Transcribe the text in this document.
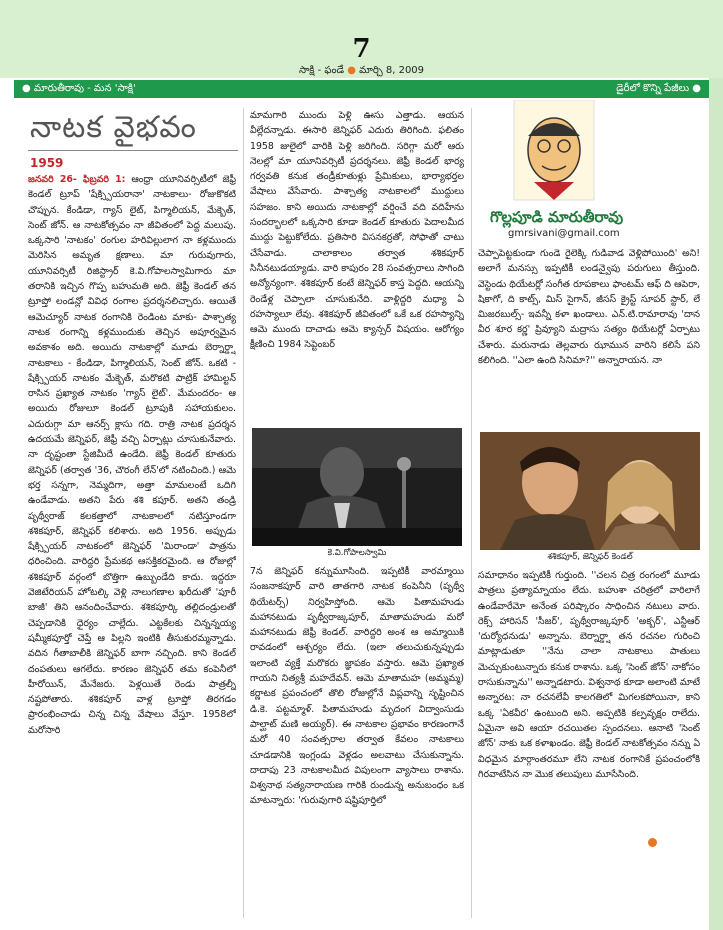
7
సాక్షి - ఫండే ● మార్చి 8, 2009
● మారుతీరావు - మన 'సాక్షి'	డైరీలో కొన్ని పేజీలు ●
నాటక వైభవం
1959

జనవరి 26- ఫిబ్రవరి 1: ఆంధ్రా యూనివర్సిటీలో జెఫ్రీ కెండల్ ట్రూప్ 'షేక్స్పియరానా' నాటకాలు- రోజుకొకటి చొప్పున. కేండిడా, గ్యాస్ లైట్, పిగ్మాలియన్, మేక్బెత్, సెంట్ జోన్. ఆ నాటకోత్సవం నా జీవితంలో పెద్ద మలుపు. ఒక్కసారి 'నాటకం' రంగుల హరివిల్లులాగ నా కళ్లముందు మెరిసిన అమృత క్షణాలు. మా గురువుగారు, యూనివర్సిటీ రిజిస్ట్రార్ కె.వి.గోపాలస్వామిగారు మా తరానికి ఇచ్చిన గొప్ప బహుమతి అది. జెఫ్రీ కెండల్ తన ట్రూప్తో లండన్లో వివిధ రంగాల ప్రదర్శనలిచ్చారు. ఆయితే ఆమెచ్యూర్ నాటక రంగానికి రెండింట మాకు- పాశ్చాత్య నాటక రంగాన్ని కళ్లముందుకు తెచ్చిన అపూర్వమైన అవకాశం అది. అయిదు నాటకాల్లో మూడు బెర్నార్డ్షా నాటకాలు - కేండిడా, పిగ్మాలియన్, సెంట్ జోన్. ఒకటి - షేక్స్పియర్ నాటకం మేక్బెత్, మరొకటి పాట్రిక్ హామిల్టన్ రాసిన ప్రఖ్యాత నాటకం 'గ్యాస్ లైట్'. మేమందరం- ఆ అయిదు రోజులూ కెండల్ ట్రూపుకి సహాయకులం. ఎదురుగ్గా మా ఆనర్స్ క్లాసు గది. రాత్రి నాటక ప్రదర్శన ఉదయమే జెన్నిఫర్, జెఫ్రీ వచ్చి ఏర్పాట్లు చూసుకునేవారు. నా దృష్టంతా స్టేజిమీదే ఉండేది. జెఫ్రీ కెండల్ కూతురు జెన్నిఫర్ (తర్వాత '36, చౌరంగీ లేన్'లో నటించింది.) ఆమె భర్త సన్నగా, నెమ్మదిగా, అత్తా మామలంటే ఒదిగి ఉండేవాడు. అతని పేరు శశి కపూర్. అతని తండ్రి పృథ్వీరాజ్ కలకత్తాలో నాటకాలలో నటిస్తూండగా శశికపూర్, జెన్నిఫర్ కలిశారు. అది 1956. అప్పుడు షేక్స్పియర్ నాటకంలో జెన్నిఫర్ 'మిరాండా' పాత్రను ధరించింది. వారిద్దరి ప్రేమకథ ఆసక్తికరమైంది. ఆ రోజుల్లో శశికపూర్ వర్గంలో బొత్తిగా ఉబ్బుండేది కాదు. ఇద్దరూ వెజిటేరియన్ హోటల్కి వెళ్లి నాలుగణాల ఖరీదుతో 'పూరీ బాజీ' తిని ఆనందించేవారు. శశికపూర్కి తల్లిదండ్రులతో చెప్పడానికి ధైర్యం చాల్లేదు. ఎట్టకేలకు చిన్నన్నయ్య షమ్మీకపూర్తో చెప్తే ఆ పిల్లని ఇంటికి తీసుకురమ్మన్నాడు. వదిన గీతాబాలీకి జెన్నిఫర్ బాగా నచ్చింది. కాని కెండల్ దంపతులు ఆగలేదు. కారణం జెన్నిఫర్ తమ కంపెనీలో హీరోయిన్, మేనేజరు. పెళ్లయితే రెండు పాత్రల్నీ నష్టపోతారు. శశికపూర్ వాళ్ల ట్రూప్తో తిరగడం ప్రారంభించాడు చిన్న చిన్న వేషాలు వేస్తూ. 1958లో మరోసారి

మామగారి ముందు పెళ్లి ఊసు ఎత్తాడు. ఆయన వీల్లేదన్నాడు. ఈసారి జెన్నిఫర్ ఎదురు తిరిగింది. ఫలితం 1958 జులైలో వారికి పెళ్లి జరిగింది. సరిగ్గా మరో ఆరు నెలల్లో మా యూనివర్సిటీ ప్రదర్శనలు. జెఫ్రీ కెండల్ భార్య గర్వవతి కనుక తండ్రీకూతుళ్లు ప్రేమికులు, భార్యాభర్తల వేషాలు వేసేవారు. పాశ్చాత్య నాటకాలలో ముద్దులు సహజం. కాని అయిదు నాటకాల్లో వర్షించే వది వదిహేను సందర్భాలలో ఒక్కసారి కూడా కెండల్ కూతురు పెదాలమీద ముద్దు పెట్టుకోలేదు. ప్రతిసారి విసనకర్రతో, సోఫాతో చాటు చేసేవాడు. చాలాకాలం తర్వాత శశికపూర్ సినీనటుడయ్యాడు. వారి కాపురం 28 సంవత్సరాలు సాగింది అన్యోన్యంగా. శశికపూర్ కంటే జెన్నిఫర్ కాస్త పెద్దది. ఆయన్ని రెండేళ్ల చెప్పాలా చూసుకునేది. వాళ్లిద్దరి మధ్యా ఏ రహస్యాలూ లేవు. శశికపూర్ జీవితంలో ఒకే ఒక రహస్యాన్ని ఆమె ముందు దాచాడు ఆమె క్యాన్సర్ విషయం. ఆరోగ్యం క్షీణించి 1984 సెప్టెంబర్

కె.వి.గోపాలస్వామి

7న జెన్నిఫర్ కన్నుమూసింది. ఇప్పటికీ వారమ్మాయి సంజనాకపూర్ వారి తాతగారి నాటక కంపెనీని (పృథ్వీ థియేటర్స్) నిర్వహిస్తోంది. ఆమె పితామహుడు మహానటుడు పృథ్వీరాజ్కపూర్, మాతామహుడు మరో మహానటుడు జెఫ్రీ కెండల్. వారిద్దరి అంశ ఆ అమ్మాయికి రావడంలో ఆశ్చర్యం లేదు. (ఇలా తలుచుకున్నప్పుడు ఇలాంటి వ్యక్తే మరొకరు జ్ఞాపకం వస్తారు. ఆమె ప్రఖ్యాత గాయని నిత్యశ్రీ మహదేవన్. ఆమె మాతామహ (అమ్మమ్మ) కర్ణాటక ప్రపంచంలో తొలి రోజుల్లోనే విప్లవాన్ని సృష్టించిన డి.కె. పట్టమ్మాళ్. పితామహుడు మృదంగ విద్వాంసుడు పాల్ఘాట్ మణి అయ్యర్). ఈ నాటకాల ప్రభావం కారణంగానే మరో 40 సంవత్సరాల తర్వాత కేవలం నాటకాలు చూడడానికి ఇంగ్లండు వెళ్లడం అలవాటు చేసుకున్నాను. దాదాపు 23 నాటకాలమీద విపులంగా వ్యాసాలు రాశాను. విశ్వనాథ సత్యనారాయణ గారికి రుండున్న అనుబంధం ఒక మాటన్నారు: 'గురువుగారి షష్టిపూర్తిలో

గొల్లపూడి మారుతీరావు
gmrsivani@gmail.com

చెప్పాపెట్టకుండా గుండె రైలెక్కి గుడివాడ వెళ్లిపోయింది' అని! అలాగే మనస్సు ఇప్పటికీ లండన్వైపు పరుగులు తీస్తుంది. వెస్టెండు థియేటర్లో సంగీత రూపకాలు ఫాంటమ్ ఆఫ్ ది ఆపెరా, షికాగో, ది కాట్స్, మిస్ సైగాన్, జీసస్ క్రైస్ట్ సూపర్ స్టార్, లే మిజరబుల్స్- ఇవన్నీ కళా ఖండాలు. ఎన్.టి.రామారావు 'దాన వీర శూర కర్ణ' ప్రివ్యూని మద్రాసు సత్యం థియేటర్లో ఏర్పాటు చేశారు. మరునాడు తెల్లవారు ఝామున వారిని కలిసే పని కలిగింది. ''ఎలా ఉంది సినిమా?'' అన్నారాయన. నా

శశికపూర్, జెన్నిఫర్ కెండల్

సమాధానం ఇప్పటికీ గుర్తుంది. ''చలన చిత్ర రంగంలో మూడు పాత్రలు ప్రత్యామ్నాయం లేదు. బహుశా చరిత్రలో వారిలాగే ఉండేవారేమో అనేంత పరిష్కారం సాధించిన నటులు వారు. రెక్స్ హారిసన్ 'సీజర్', పృథ్వీరాజ్కపూర్ 'అక్బర్', ఎన్టీఆర్ 'దుర్యోధనుడు' అన్నాను. బెర్నార్డ్షా తన రచనల గురించి మాట్లాడుతూ ''నేను చాలా నాటకాలు పాతులు మెచ్చుకుంటున్నారు కనుక రాశాను. ఒక్క 'సెంట్ జోన్' నాకోసం రాసుకున్నాను'' అన్నాడటారు. విశ్వనాథ కూడా అలాంటి మాటే అన్నారట: నా రచనలేవీ కాలగతిలో మిగలకపోయినా, కాని ఒక్క 'ఏకవీర' ఉంటుంది అని. అప్పటికి కల్పవృక్షం రాలేదు. ఏమైనా అవి ఆయా రచయితల స్పందనలు. ఆనాటి 'సెంట్ జోన్' నాకు ఒక కళాఖండం. జెఫ్రీ కెండల్ నాటకోత్సవం నన్ను ఏ విధమైన మార్గాంతరమూ లేని నాటక రంగానికే ప్రపంచంలోకి గిరవాటేసిన నా మొక తలుపులు మూసేసింది.
